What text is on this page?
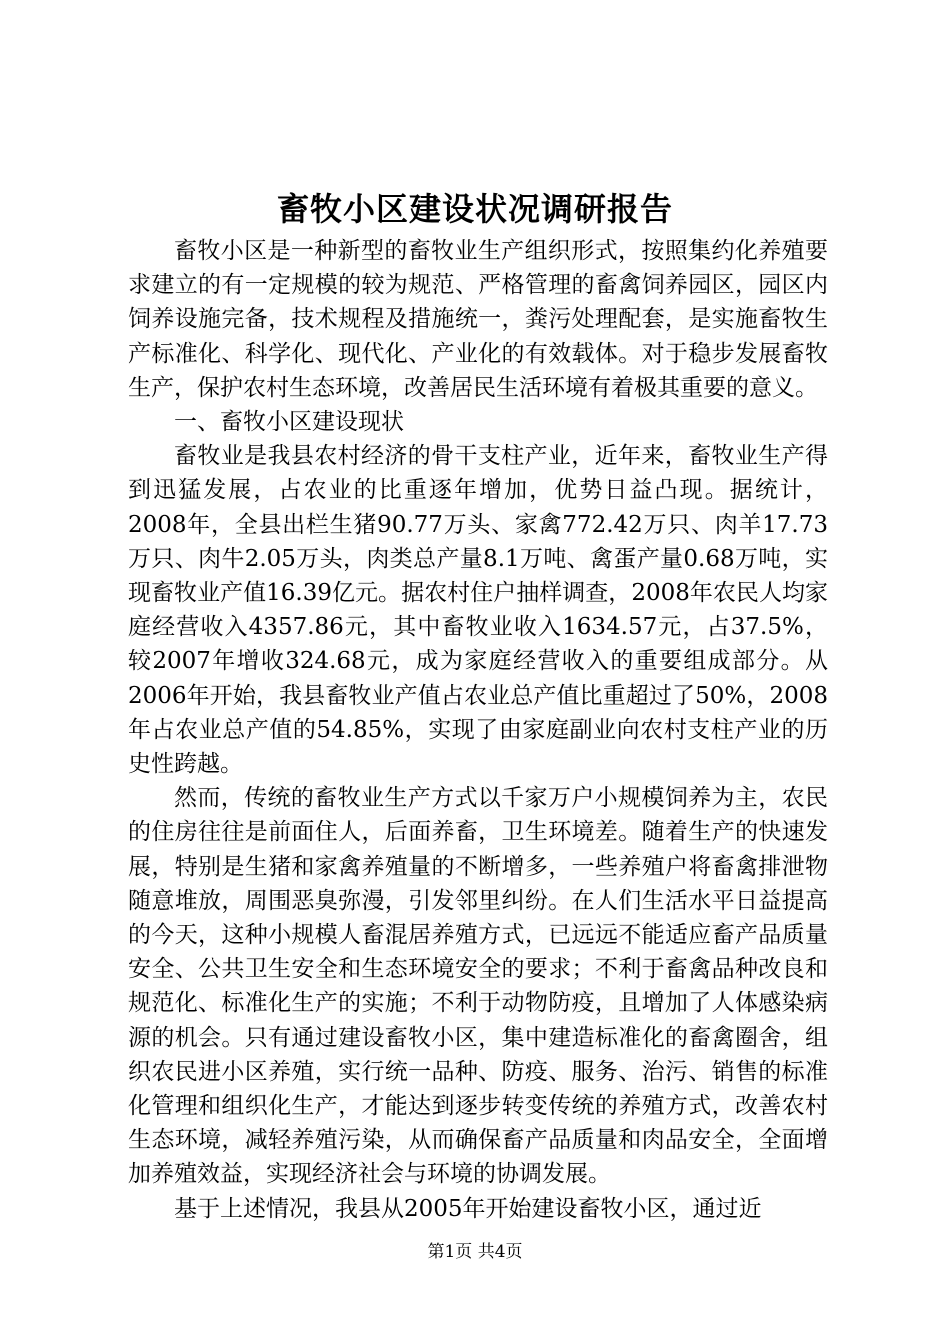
畜牧小区建设状况调研报告

畜牧小区是一种新型的畜牧业生产组织形式，按照集约化养殖要求建立的有一定规模的较为规范、严格管理的畜禽饲养园区，园区内饲养设施完备，技术规程及措施统一，粪污处理配套，是实施畜牧生产标准化、科学化、现代化、产业化的有效载体。对于稳步发展畜牧生产，保护农村生态环境，改善居民生活环境有着极其重要的意义。

一、畜牧小区建设现状

畜牧业是我县农村经济的骨干支柱产业，近年来，畜牧业生产得到迅猛发展，占农业的比重逐年增加，优势日益凸现。据统计，2008年，全县出栏生猪90.77万头、家禽772.42万只、肉羊17.73万只、肉牛2.05万头，肉类总产量8.1万吨、禽蛋产量0.68万吨，实现畜牧业产值16.39亿元。据农村住户抽样调查，2008年农民人均家庭经营收入4357.86元，其中畜牧业收入1634.57元，占37.5%，较2007年增收324.68元，成为家庭经营收入的重要组成部分。从2006年开始，我县畜牧业产值占农业总产值比重超过了50%，2008年占农业总产值的54.85%，实现了由家庭副业向农村支柱产业的历史性跨越。

然而，传统的畜牧业生产方式以千家万户小规模饲养为主，农民的住房往往是前面住人，后面养畜，卫生环境差。随着生产的快速发展，特别是生猪和家禽养殖量的不断增多，一些养殖户将畜禽排泄物随意堆放，周围恶臭弥漫，引发邻里纠纷。在人们生活水平日益提高的今天，这种小规模人畜混居养殖方式，已远远不能适应畜产品质量安全、公共卫生安全和生态环境安全的要求；不利于畜禽品种改良和规范化、标准化生产的实施；不利于动物防疫，且增加了人体感染病源的机会。只有通过建设畜牧小区，集中建造标准化的畜禽圈舍，组织农民进小区养殖，实行统一品种、防疫、服务、治污、销售的标准化管理和组织化生产，才能达到逐步转变传统的养殖方式，改善农村生态环境，减轻养殖污染，从而确保畜产品质量和肉品安全，全面增加养殖效益，实现经济社会与环境的协调发展。

基于上述情况，我县从2005年开始建设畜牧小区，通过近

第1页 共4页
